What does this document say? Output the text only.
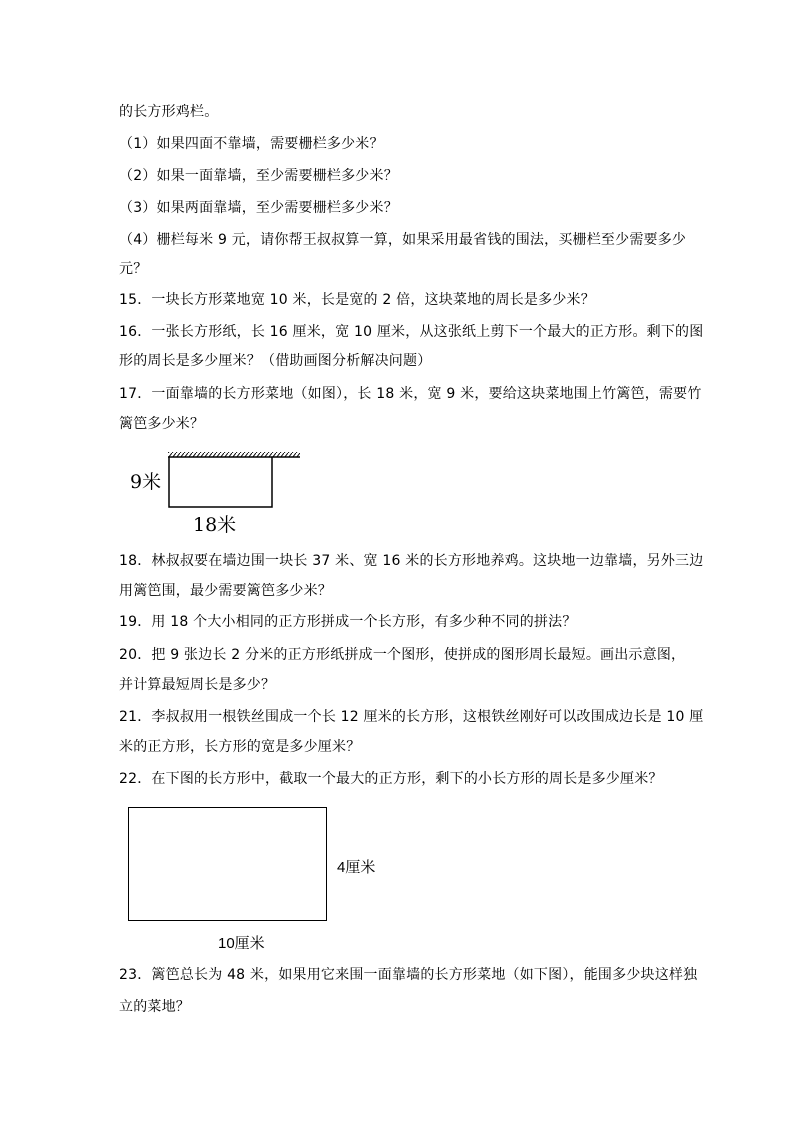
的长方形鸡栏。
（1）如果四面不靠墙，需要栅栏多少米？
（2）如果一面靠墙，至少需要栅栏多少米？
（3）如果两面靠墙，至少需要栅栏多少米？
（4）栅栏每米 9 元，请你帮王叔叔算一算，如果采用最省钱的围法，买栅栏至少需要多少
元？
15．一块长方形菜地宽 10 米，长是宽的 2 倍，这块菜地的周长是多少米？
16．一张长方形纸，长 16 厘米，宽 10 厘米，从这张纸上剪下一个最大的正方形。剩下的图
形的周长是多少厘米？（借助画图分析解决问题）
17．一面靠墙的长方形菜地（如图），长 18 米，宽 9 米，要给这块菜地围上竹篱笆，需要竹
篱笆多少米？
9米
18米
18．林叔叔要在墙边围一块长 37 米、宽 16 米的长方形地养鸡。这块地一边靠墙，另外三边
用篱笆围，最少需要篱笆多少米？
19．用 18 个大小相同的正方形拼成一个长方形，有多少种不同的拼法？
20．把 9 张边长 2 分米的正方形纸拼成一个图形，使拼成的图形周长最短。画出示意图，
并计算最短周长是多少？
21．李叔叔用一根铁丝围成一个长 12 厘米的长方形，这根铁丝刚好可以改围成边长是 10 厘
米的正方形，长方形的宽是多少厘米？
22．在下图的长方形中，截取一个最大的正方形，剩下的小长方形的周长是多少厘米？
4厘米
10厘米
23．篱笆总长为 48 米，如果用它来围一面靠墙的长方形菜地（如下图），能围多少块这样独
立的菜地？
